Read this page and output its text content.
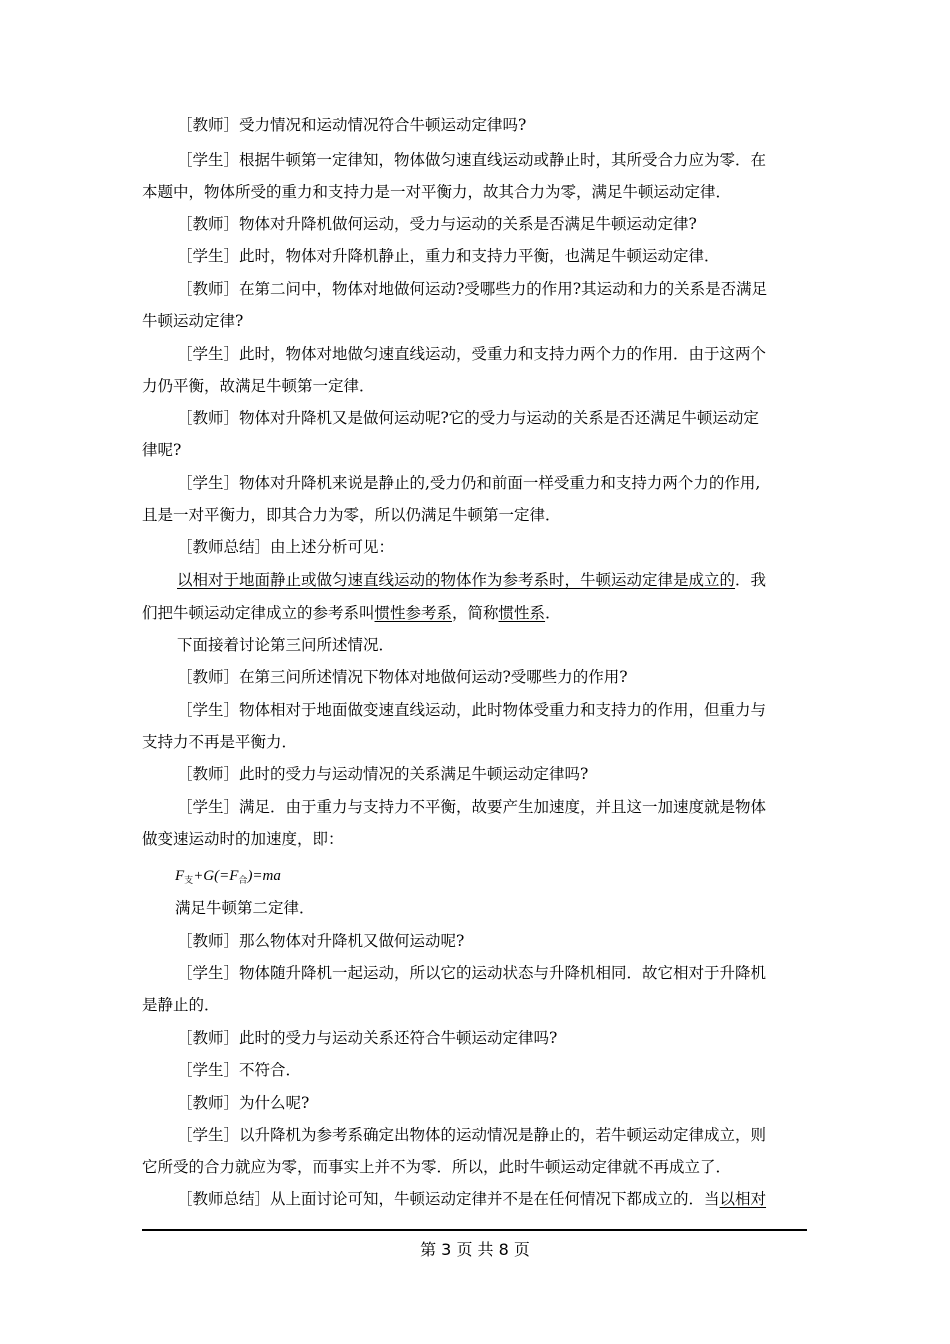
［教师］受力情况和运动情况符合牛顿运动定律吗?

［学生］根据牛顿第一定律知，物体做匀速直线运动或静止时，其所受合力应为零．在

本题中，物体所受的重力和支持力是一对平衡力，故其合力为零，满足牛顿运动定律．

［教师］物体对升降机做何运动，受力与运动的关系是否满足牛顿运动定律?

［学生］此时，物体对升降机静止，重力和支持力平衡，也满足牛顿运动定律．

［教师］在第二问中，物体对地做何运动?受哪些力的作用?其运动和力的关系是否满足

牛顿运动定律?

［学生］此时，物体对地做匀速直线运动，受重力和支持力两个力的作用．由于这两个

力仍平衡，故满足牛顿第一定律．

［教师］物体对升降机又是做何运动呢?它的受力与运动的关系是否还满足牛顿运动定

律呢?

［学生］物体对升降机来说是静止的,受力仍和前面一样受重力和支持力两个力的作用,

且是一对平衡力，即其合力为零，所以仍满足牛顿第一定律．

［教师总结］由上述分析可见：

以相对于地面静止或做匀速直线运动的物体作为参考系时，牛顿运动定律是成立的．我

们把牛顿运动定律成立的参考系叫惯性参考系，简称惯性系．

下面接着讨论第三问所述情况．

［教师］在第三问所述情况下物体对地做何运动?受哪些力的作用?

［学生］物体相对于地面做变速直线运动，此时物体受重力和支持力的作用，但重力与

支持力不再是平衡力．

［教师］此时的受力与运动情况的关系满足牛顿运动定律吗?

［学生］满足．由于重力与支持力不平衡，故要产生加速度，并且这一加速度就是物体

做变速运动时的加速度，即：

$F_支+G(=F_合)=ma$

满足牛顿第二定律．

［教师］那么物体对升降机又做何运动呢?

［学生］物体随升降机一起运动，所以它的运动状态与升降机相同．故它相对于升降机

是静止的．

［教师］此时的受力与运动关系还符合牛顿运动定律吗?

［学生］不符合．

［教师］为什么呢?

［学生］以升降机为参考系确定出物体的运动情况是静止的，若牛顿运动定律成立，则

它所受的合力就应为零，而事实上并不为零．所以，此时牛顿运动定律就不再成立了．

［教师总结］从上面讨论可知，牛顿运动定律并不是在任何情况下都成立的．当以相对

第 3 页 共 8 页
